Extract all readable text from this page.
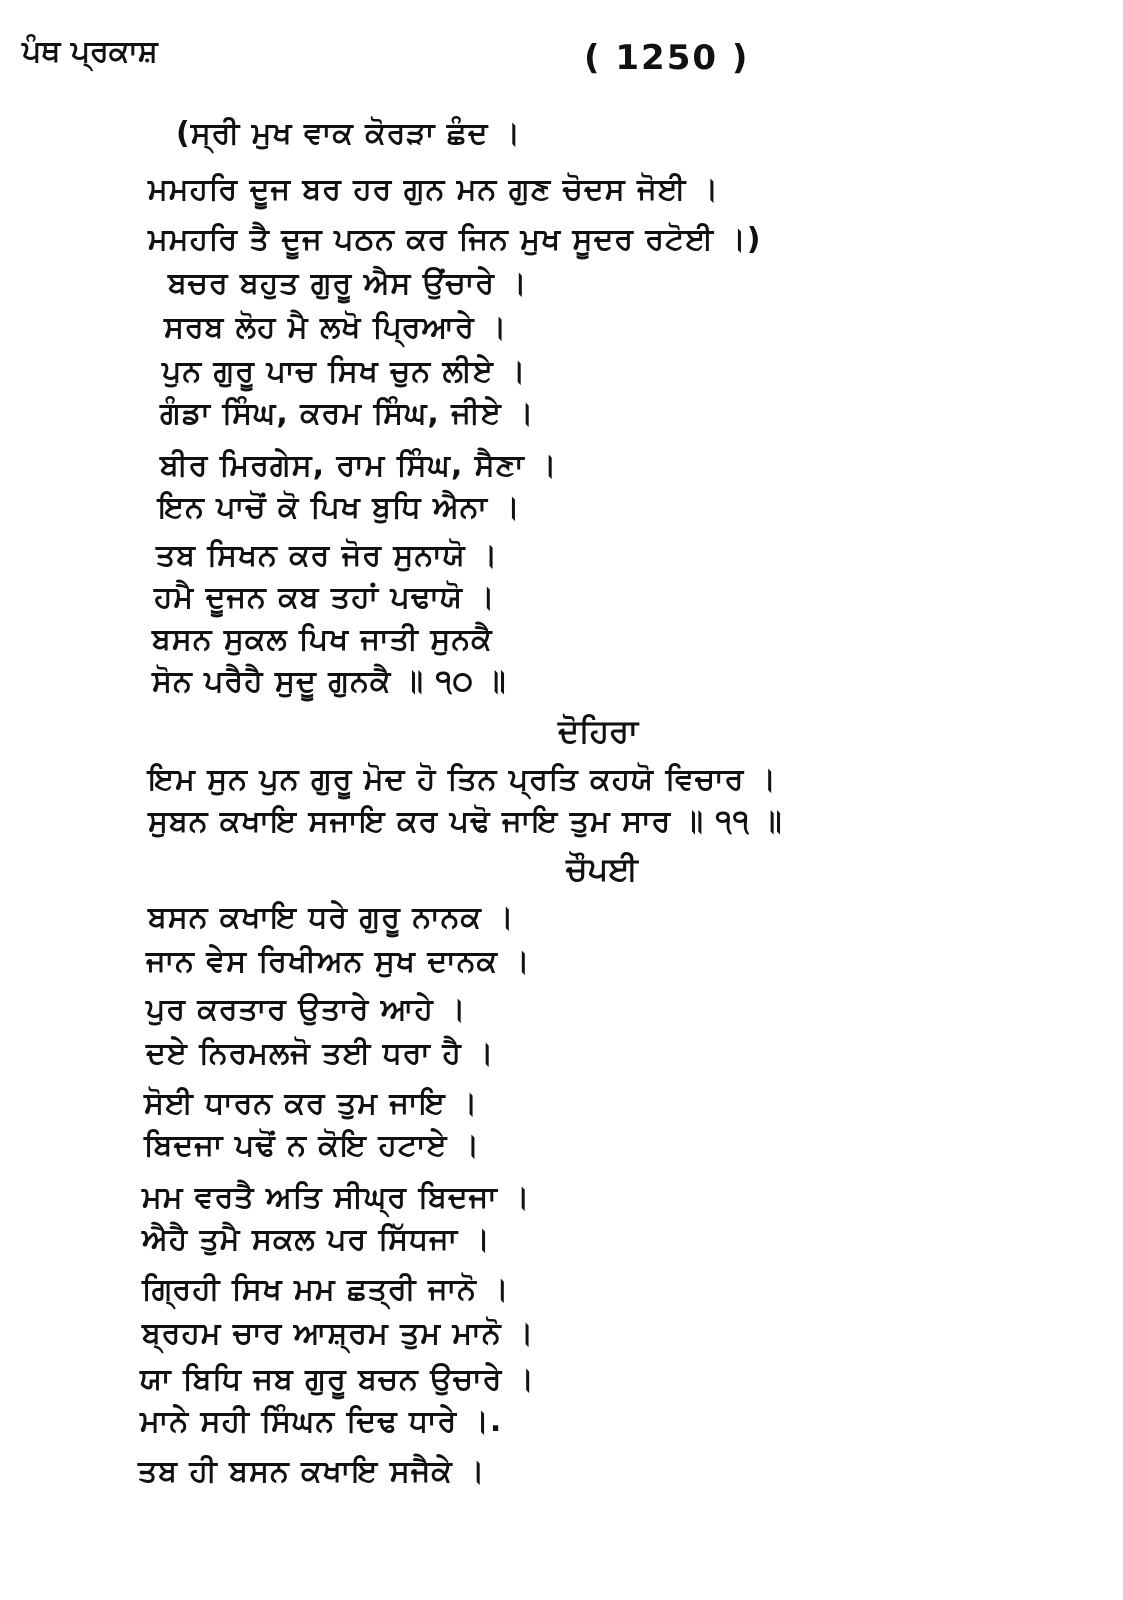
ਪੰਥ ਪ੍ਰਕਾਸ਼	( 1250 )
(ਸ੍ਰੀ ਮੁਖ ਵਾਕ ਕੋਰੜਾ ਛੰਦ ।
ਮਮਹਰਿ ਦੂਜ ਬਰ ਹਰ ਗੁਨ ਮਨ ਗੁਣ ਚੋਦਸ ਜੋਈ ।
ਮਮਹਰਿ ਤੈ ਦੂਜ ਪਠਨ ਕਰ ਜਿਨ ਮੁਖ ਸੂਦਰ ਰਟੋਈ ।)
ਬਚਰ ਬਹੁਤ ਗੁਰੂ ਐਸ ਉਂਚਾਰੇ ।
ਸਰਬ ਲੋਹ ਮੈ ਲਖੋ ਪ੍ਰਿਆਰੇ ।
ਪੁਨ ਗੁਰੂ ਪਾਚ ਸਿਖ ਚੁਨ ਲੀਏ ।
ਗੰਡਾ ਸਿੰਘ, ਕਰਮ ਸਿੰਘ, ਜੀਏ ।
ਬੀਰ ਮਿਰਗੇਸ, ਰਾਮ ਸਿੰਘ, ਸੈਣਾ ।
ਇਨ ਪਾਚੋਂ ਕੋ ਪਿਖ ਬੁਧਿ ਐਨਾ ।
ਤਬ ਸਿਖਨ ਕਰ ਜੋਰ ਸੁਨਾਯੋ ।
ਹਮੈ ਦੂਜਨ ਕਬ ਤਹਾਂ ਪਢਾਯੋ ।
ਬਸਨ ਸੁਕਲ ਪਿਖ ਜਾਤੀ ਸੁਨਕੈ
ਸੋਨ ਪਰੈਹੈ ਸੁਦੂ ਗੁਨਕੈ ॥ ੧੦ ॥
ਦੋਹਿਰਾ
ਇਮ ਸੁਨ ਪੁਨ ਗੁਰੂ ਮੋਦ ਹੋ ਤਿਨ ਪ੍ਰਤਿ ਕਹਯੋ ਵਿਚਾਰ ।
ਸੁਬਨ ਕਖਾਇ ਸਜਾਇ ਕਰ ਪਢੋ ਜਾਇ ਤੁਮ ਸਾਰ ॥ ੧੧ ॥
ਚੌਪਈ
ਬਸਨ ਕਖਾਇ ਧਰੇ ਗੁਰੂ ਨਾਨਕ ।
ਜਾਨ ਵੇਸ ਰਿਖੀਅਨ ਸੁਖ ਦਾਨਕ ।
ਪੁਰ ਕਰਤਾਰ ਉਤਾਰੇ ਆਹੇ ।
ਦਏ ਨਿਰਮਲਜੋ ਤਈ ਧਰਾ ਹੈ ।
ਸੋਈ ਧਾਰਨ ਕਰ ਤੁਮ ਜਾਇ ।
ਬਿਦਜਾ ਪਢੋਂ ਨ ਕੋਇ ਹਟਾਏ ।
ਮਮ ਵਰਤੈ ਅਤਿ ਸੀਘ੍ਰ ਬਿਦਜਾ ।
ਐਹੈ ਤੁਮੈ ਸਕਲ ਪਰ ਸਿੱਧਜਾ ।
ਗ੍ਰਿਹੀ ਸਿਖ ਮਮ ਛਤ੍ਰੀ ਜਾਨੋ ।
ਬ੍ਰਹਮ ਚਾਰ ਆਸ਼੍ਰਮ ਤੁਮ ਮਾਨੋ ।
ਯਾ ਬਿਧਿ ਜਬ ਗੁਰੂ ਬਚਨ ਉਚਾਰੇ ।
ਮਾਨੇ ਸਹੀ ਸਿੰਘਨ ਦਿਢ ਧਾਰੇ ।.
ਤਬ ਹੀ ਬਸਨ ਕਖਾਇ ਸਜੈਕੇ ।
